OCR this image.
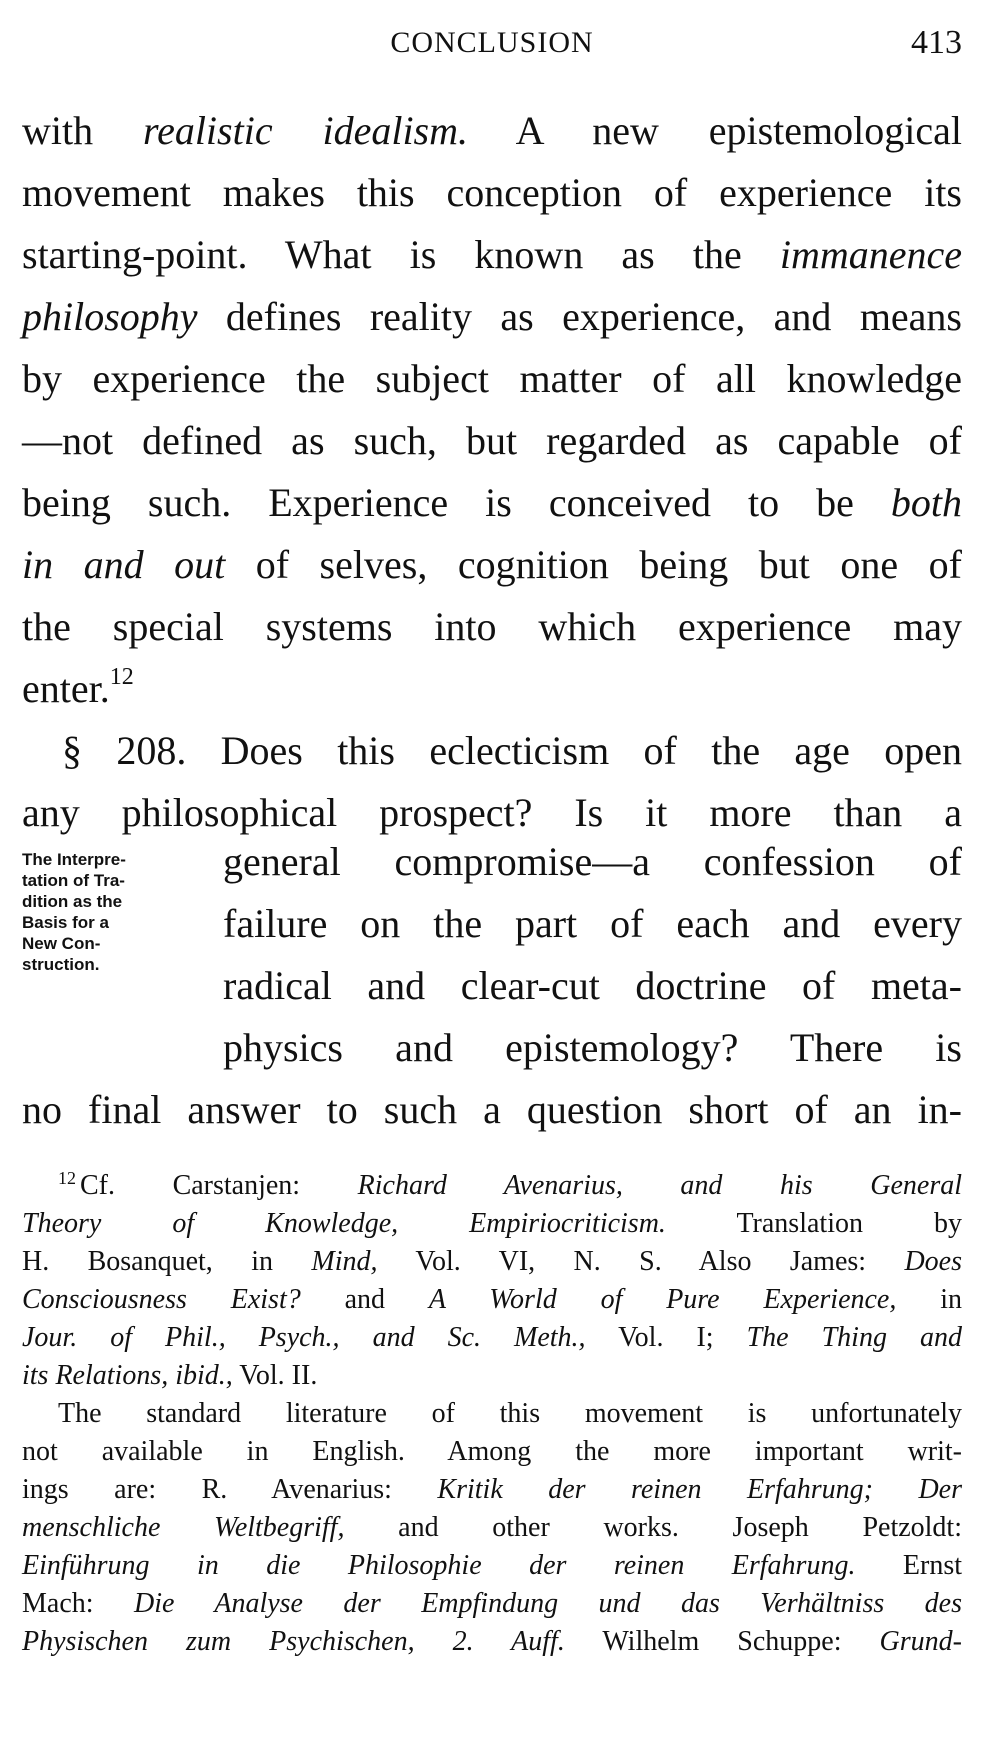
CONCLUSION	413
with realistic idealism. A new epistemological
movement makes this conception of experience its
starting-point. What is known as the immanence
philosophy defines reality as experience, and means
by experience the subject matter of all knowledge
—not defined as such, but regarded as capable of
being such. Experience is conceived to be both
in and out of selves, cognition being but one of
the special systems into which experience may
enter.$^{12}$
§ 208. Does this eclecticism of the age open
any philosophical prospect? Is it more than a
The Interpre-
tation of Tra-
dition as the
Basis for a
New Con-
struction.
general compromise—a confession of
failure on the part of each and every
radical and clear-cut doctrine of meta-
physics and epistemology? There is
no final answer to such a question short of an in-
$^{12}$ Cf. Carstanjen: Richard Avenarius, and his General
Theory of Knowledge, Empiriocriticism. Translation by
H. Bosanquet, in Mind, Vol. VI, N. S. Also James: Does
Consciousness Exist? and A World of Pure Experience, in
Jour. of Phil., Psych., and Sc. Meth., Vol. I; The Thing and
its Relations, ibid., Vol. II.
The standard literature of this movement is unfortunately
not available in English. Among the more important writ-
ings are: R. Avenarius: Kritik der reinen Erfahrung; Der
menschliche Weltbegriff, and other works. Joseph Petzoldt:
Einführung in die Philosophie der reinen Erfahrung. Ernst
Mach: Die Analyse der Empfindung und das Verhältniss des
Physischen zum Psychischen, 2. Auff. Wilhelm Schuppe: Grund-
